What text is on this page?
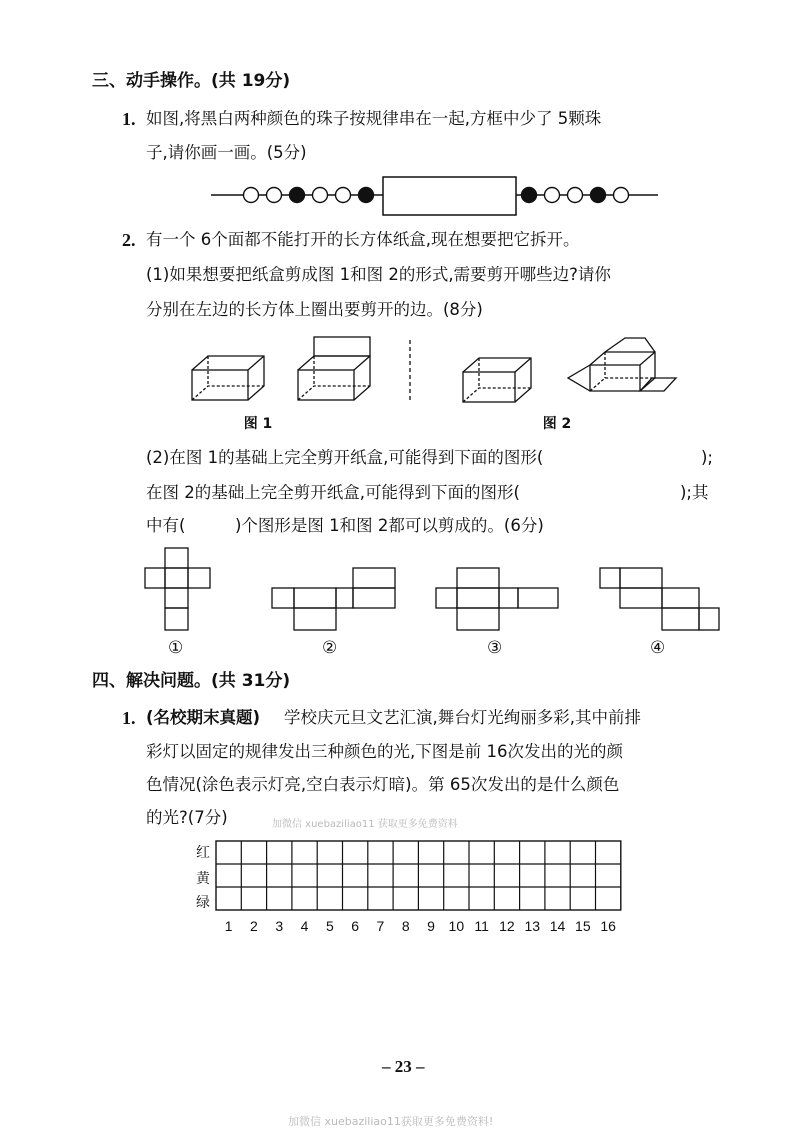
三、动手操作。(共 19分)
1. 如图,将黑白两种颜色的珠子按规律串在一起,方框中少了 5颗珠
子,请你画一画。(5分)
图 1	图 2
2. 有一个 6个面都不能打开的长方体纸盒,现在想要把它拆开。
(1)如果想要把纸盒剪成图 1和图 2的形式,需要剪开哪些边?请你
分别在左边的长方体上圈出要剪开的边。(8分)
(2)在图 1的基础上完全剪开纸盒,可能得到下面的图形(	);
在图 2的基础上完全剪开纸盒,可能得到下面的图形(	);其
中有(	)个图形是图 1和图 2都可以剪成的。(6分)
①	②	③	④
四、解决问题。(共 31分)
1. (名校期末真题) 学校庆元旦文艺汇演,舞台灯光绚丽多彩,其中前排
彩灯以固定的规律发出三种颜色的光,下图是前 16次发出的光的颜
色情况(涂色表示灯亮,空白表示灯暗)。第 65次发出的是什么颜色
的光?(7分)	加微信 xuebaziliao11 获取更多免费资料
红
黄
绿
1	2	3	4	5	6	7	8	9 10 11 12 13 14 15 16
– 23 –
加微信 xuebaziliao11获取更多免费资料!
